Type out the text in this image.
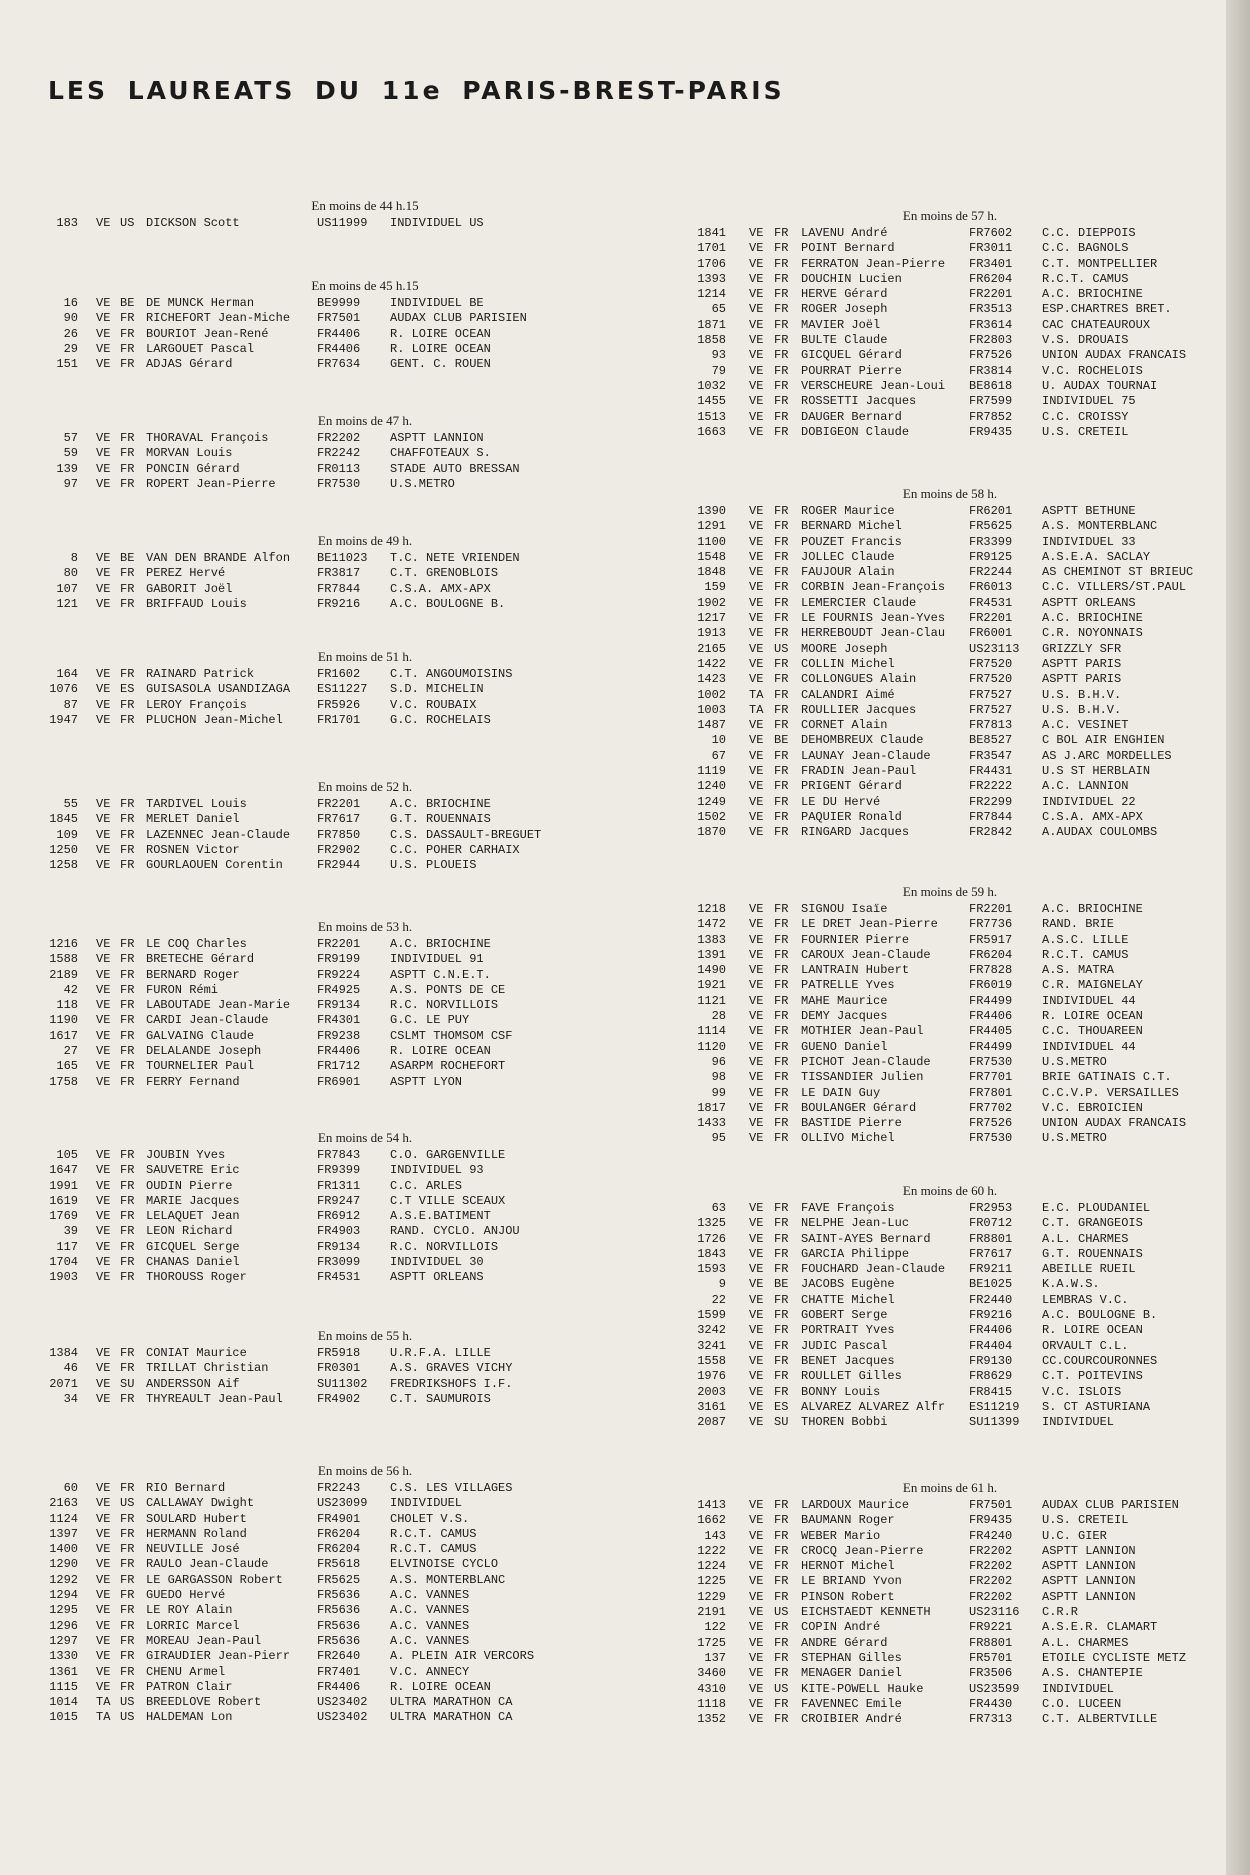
LES LAUREATS DU 11e PARIS-BREST-PARIS
En moins de 44 h.15
183 VE US DICKSON Scott	US11999 INDIVIDUEL US
En moins de 45 h.15
16 VE BE DE MUNCK Herman	BE9999 INDIVIDUEL BE
90 VE FR RICHEFORT Jean-Miche FR7501 AUDAX CLUB PARISIEN
26 VE FR BOURIOT Jean-René	FR4406 R. LOIRE OCEAN
29 VE FR LARGOUET Pascal	FR4406 R. LOIRE OCEAN
151 VE FR ADJAS Gérard	FR7634 GENT. C. ROUEN
En moins de 47 h.
57 VE FR THORAVAL François	FR2202 ASPTT LANNION
59 VE FR MORVAN Louis	FR2242 CHAFFOTEAUX S.
139 VE FR PONCIN Gérard	FR0113 STADE AUTO BRESSAN
97 VE FR ROPERT Jean-Pierre	FR7530 U.S.METRO
En moins de 49 h.
8 VE BE VAN DEN BRANDE Alfon BE11023 T.C. NETE VRIENDEN
80 VE FR PEREZ Hervé	FR3817 C.T. GRENOBLOIS
107 VE FR GABORIT Joël	FR7844 C.S.A. AMX-APX
121 VE FR BRIFFAUD Louis	FR9216 A.C. BOULOGNE B.
En moins de 51 h.
164 VE FR RAINARD Patrick	FR1602 C.T. ANGOUMOISINS
1076 VE ES GUISASOLA USANDIZAGA ES11227 S.D. MICHELIN
87 VE FR LEROY François	FR5926 V.C. ROUBAIX
1947 VE FR PLUCHON Jean-Michel	FR1701 G.C. ROCHELAIS
En moins de 52 h.
55 VE FR TARDIVEL Louis	FR2201 A.C. BRIOCHINE
1845 VE FR MERLET Daniel	FR7617 G.T. ROUENNAIS
109 VE FR LAZENNEC Jean-Claude FR7850 C.S. DASSAULT-BREGUET
1250 VE FR ROSNEN Victor	FR2902 C.C. POHER CARHAIX
1258 VE FR GOURLAOUEN Corentin	FR2944 U.S. PLOUEIS
En moins de 53 h.
1216 VE FR LE COQ Charles	FR2201 A.C. BRIOCHINE
1588 VE FR BRETECHE Gérard	FR9199 INDIVIDUEL 91
2189 VE FR BERNARD Roger	FR9224 ASPTT C.N.E.T.
42 VE FR FURON Rémi	FR4925 A.S. PONTS DE CE
118 VE FR LABOUTADE Jean-Marie FR9134 R.C. NORVILLOIS
1190 VE FR CARDI Jean-Claude	FR4301 G.C. LE PUY
1617 VE FR GALVAING Claude	FR9238 CSLMT THOMSOM CSF
27 VE FR DELALANDE Joseph	FR4406 R. LOIRE OCEAN
165 VE FR TOURNELIER Paul	FR1712 ASARPM ROCHEFORT
1758 VE FR FERRY Fernand	FR6901 ASPTT LYON
En moins de 54 h.
105 VE FR JOUBIN Yves	FR7843 C.O. GARGENVILLE
1647 VE FR SAUVETRE Eric	FR9399 INDIVIDUEL 93
1991 VE FR OUDIN Pierre	FR1311 C.C. ARLES
1619 VE FR MARIE Jacques	FR9247 C.T VILLE SCEAUX
1769 VE FR LELAQUET Jean	FR6912 A.S.E.BATIMENT
39 VE FR LEON Richard	FR4903 RAND. CYCLO. ANJOU
117 VE FR GICQUEL Serge	FR9134 R.C. NORVILLOIS
1704 VE FR CHANAS Daniel	FR3099 INDIVIDUEL 30
1903 VE FR THOROUSS Roger	FR4531 ASPTT ORLEANS
En moins de 55 h.
1384 VE FR CONIAT Maurice	FR5918 U.R.F.A. LILLE
46 VE FR TRILLAT Christian	FR0301 A.S. GRAVES VICHY
2071 VE SU ANDERSSON Aif	SU11302 FREDRIKSHOFS I.F.
34 VE FR THYREAULT Jean-Paul	FR4902 C.T. SAUMUROIS
En moins de 56 h.
60 VE FR RIO Bernard	FR2243 C.S. LES VILLAGES
2163 VE US CALLAWAY Dwight	US23099 INDIVIDUEL
1124 VE FR SOULARD Hubert	FR4901 CHOLET V.S.
1397 VE FR HERMANN Roland	FR6204 R.C.T. CAMUS
1400 VE FR NEUVILLE José	FR6204 R.C.T. CAMUS
1290 VE FR RAULO Jean-Claude	FR5618 ELVINOISE CYCLO
1292 VE FR LE GARGASSON Robert	FR5625 A.S. MONTERBLANC
1294 VE FR GUEDO Hervé	FR5636 A.C. VANNES
1295 VE FR LE ROY Alain	FR5636 A.C. VANNES
1296 VE FR LORRIC Marcel	FR5636 A.C. VANNES
1297 VE FR MOREAU Jean-Paul	FR5636 A.C. VANNES
1330 VE FR GIRAUDIER Jean-Pierr FR2640 A. PLEIN AIR VERCORS
1361 VE FR CHENU Armel	FR7401 V.C. ANNECY
1115 VE FR PATRON Clair	FR4406 R. LOIRE OCEAN
1014 TA US BREEDLOVE Robert	US23402 ULTRA MARATHON CA
1015 TA US HALDEMAN Lon	US23402 ULTRA MARATHON CA
En moins de 57 h.
1841 VE FR LAVENU André	FR7602 C.C. DIEPPOIS
1701 VE FR POINT Bernard	FR3011 C.C. BAGNOLS
1706 VE FR FERRATON Jean-Pierre FR3401 C.T. MONTPELLIER
1393 VE FR DOUCHIN Lucien	FR6204 R.C.T. CAMUS
1214 VE FR HERVE Gérard	FR2201 A.C. BRIOCHINE
65 VE FR ROGER Joseph	FR3513 ESP.CHARTRES BRET.
1871 VE FR MAVIER Joël	FR3614 CAC CHATEAUROUX
1858 VE FR BULTE Claude	FR2803 V.S. DROUAIS
93 VE FR GICQUEL Gérard	FR7526 UNION AUDAX FRANCAIS
79 VE FR POURRAT Pierre	FR3814 V.C. ROCHELOIS
1032 VE FR VERSCHEURE Jean-Loui BE8618 U. AUDAX TOURNAI
1455 VE FR ROSSETTI Jacques	FR7599 INDIVIDUEL 75
1513 VE FR DAUGER Bernard	FR7852 C.C. CROISSY
1663 VE FR DOBIGEON Claude	FR9435 U.S. CRETEIL
En moins de 58 h.
1390 VE FR ROGER Maurice	FR6201 ASPTT BETHUNE
1291 VE FR BERNARD Michel	FR5625 A.S. MONTERBLANC
1100 VE FR POUZET Francis	FR3399 INDIVIDUEL 33
1548 VE FR JOLLEC Claude	FR9125 A.S.E.A. SACLAY
1848 VE FR FAUJOUR Alain	FR2244 AS CHEMINOT ST BRIEUC
159 VE FR CORBIN Jean-François FR6013 C.C. VILLERS/ST.PAUL
1902 VE FR LEMERCIER Claude	FR4531 ASPTT ORLEANS
1217 VE FR LE FOURNIS Jean-Yves FR2201 A.C. BRIOCHINE
1913 VE FR HERREBOUDT Jean-Clau FR6001 C.R. NOYONNAIS
2165 VE US MOORE Joseph	US23113 GRIZZLY SFR
1422 VE FR COLLIN Michel	FR7520 ASPTT PARIS
1423 VE FR COLLONGUES Alain	FR7520 ASPTT PARIS
1002 TA FR CALANDRI Aimé	FR7527 U.S. B.H.V.
1003 TA FR ROULLIER Jacques	FR7527 U.S. B.H.V.
1487 VE FR CORNET Alain	FR7813 A.C. VESINET
10 VE BE DEHOMBREUX Claude	BE8527 C BOL AIR ENGHIEN
67 VE FR LAUNAY Jean-Claude	FR3547 AS J.ARC MORDELLES
1119 VE FR FRADIN Jean-Paul	FR4431 U.S ST HERBLAIN
1240 VE FR PRIGENT Gérard	FR2222 A.C. LANNION
1249 VE FR LE DU Hervé	FR2299 INDIVIDUEL 22
1502 VE FR PAQUIER Ronald	FR7844 C.S.A. AMX-APX
1870 VE FR RINGARD Jacques	FR2842 A.AUDAX COULOMBS
En moins de 59 h.
1218 VE FR SIGNOU Isaïe	FR2201 A.C. BRIOCHINE
1472 VE FR LE DRET Jean-Pierre	FR7736 RAND. BRIE
1383 VE FR FOURNIER Pierre	FR5917 A.S.C. LILLE
1391 VE FR CAROUX Jean-Claude	FR6204 R.C.T. CAMUS
1490 VE FR LANTRAIN Hubert	FR7828 A.S. MATRA
1921 VE FR PATRELLE Yves	FR6019 C.R. MAIGNELAY
1121 VE FR MAHE Maurice	FR4499 INDIVIDUEL 44
28 VE FR DEMY Jacques	FR4406 R. LOIRE OCEAN
1114 VE FR MOTHIER Jean-Paul	FR4405 C.C. THOUAREEN
1120 VE FR GUENO Daniel	FR4499 INDIVIDUEL 44
96 VE FR PICHOT Jean-Claude	FR7530 U.S.METRO
98 VE FR TISSANDIER Julien	FR7701 BRIE GATINAIS C.T.
99 VE FR LE DAIN Guy	FR7801 C.C.V.P. VERSAILLES
1817 VE FR BOULANGER Gérard	FR7702 V.C. EBROICIEN
1433 VE FR BASTIDE Pierre	FR7526 UNION AUDAX FRANCAIS
95 VE FR OLLIVO Michel	FR7530 U.S.METRO
En moins de 60 h.
63 VE FR FAVE François	FR2953 E.C. PLOUDANIEL
1325 VE FR NELPHE Jean-Luc	FR0712 C.T. GRANGEOIS
1726 VE FR SAINT-AYES Bernard	FR8801 A.L. CHARMES
1843 VE FR GARCIA Philippe	FR7617 G.T. ROUENNAIS
1593 VE FR FOUCHARD Jean-Claude FR9211 ABEILLE RUEIL
9 VE BE JACOBS Eugène	BE1025 K.A.W.S.
22 VE FR CHATTE Michel	FR2440 LEMBRAS V.C.
1599 VE FR GOBERT Serge	FR9216 A.C. BOULOGNE B.
3242 VE FR PORTRAIT Yves	FR4406 R. LOIRE OCEAN
3241 VE FR JUDIC Pascal	FR4404 ORVAULT C.L.
1558 VE FR BENET Jacques	FR9130 CC.COURCOURONNES
1976 VE FR ROULLET Gilles	FR8629 C.T. POITEVINS
2003 VE FR BONNY Louis	FR8415 V.C. ISLOIS
3161 VE ES ALVAREZ ALVAREZ Alfr ES11219 S. CT ASTURIANA
2087 VE SU THOREN Bobbi	SU11399 INDIVIDUEL
En moins de 61 h.
1413 VE FR LARDOUX Maurice	FR7501 AUDAX CLUB PARISIEN
1662 VE FR BAUMANN Roger	FR9435 U.S. CRETEIL
143 VE FR WEBER Mario	FR4240 U.C. GIER
1222 VE FR CROCQ Jean-Pierre	FR2202 ASPTT LANNION
1224 VE FR HERNOT Michel	FR2202 ASPTT LANNION
1225 VE FR LE BRIAND Yvon	FR2202 ASPTT LANNION
1229 VE FR PINSON Robert	FR2202 ASPTT LANNION
2191 VE US EICHSTAEDT KENNETH	US23116 C.R.R
122 VE FR COPIN André	FR9221 A.S.E.R. CLAMART
1725 VE FR ANDRE Gérard	FR8801 A.L. CHARMES
137 VE FR STEPHAN Gilles	FR5701 ETOILE CYCLISTE METZ
3460 VE FR MENAGER Daniel	FR3506 A.S. CHANTEPIE
4310 VE US KITE-POWELL Hauke	US23599 INDIVIDUEL
1118 VE FR FAVENNEC Emile	FR4430 C.O. LUCEEN
1352 VE FR CROIBIER André	FR7313 C.T. ALBERTVILLE
